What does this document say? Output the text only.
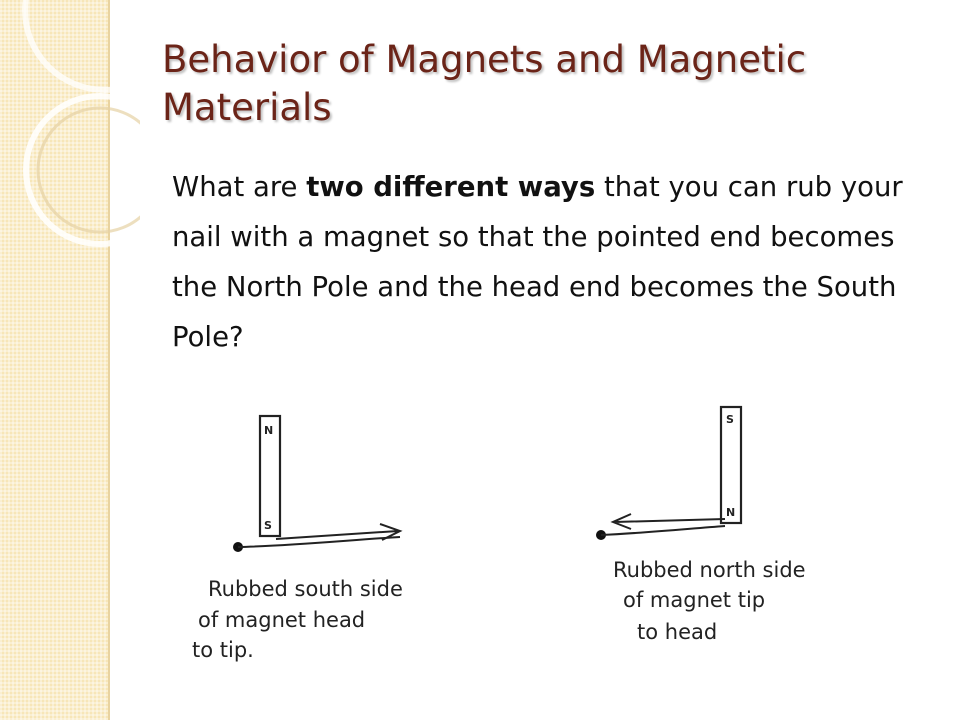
Behavior of Magnets and Magnetic Materials

What are two different ways that you can rub your nail with a magnet so that the pointed end becomes the North Pole and the head end becomes the South Pole?

N
S
Rubbed south side
of magnet head
to tip.
S
N
Rubbed north side
of magnet tip
to head
